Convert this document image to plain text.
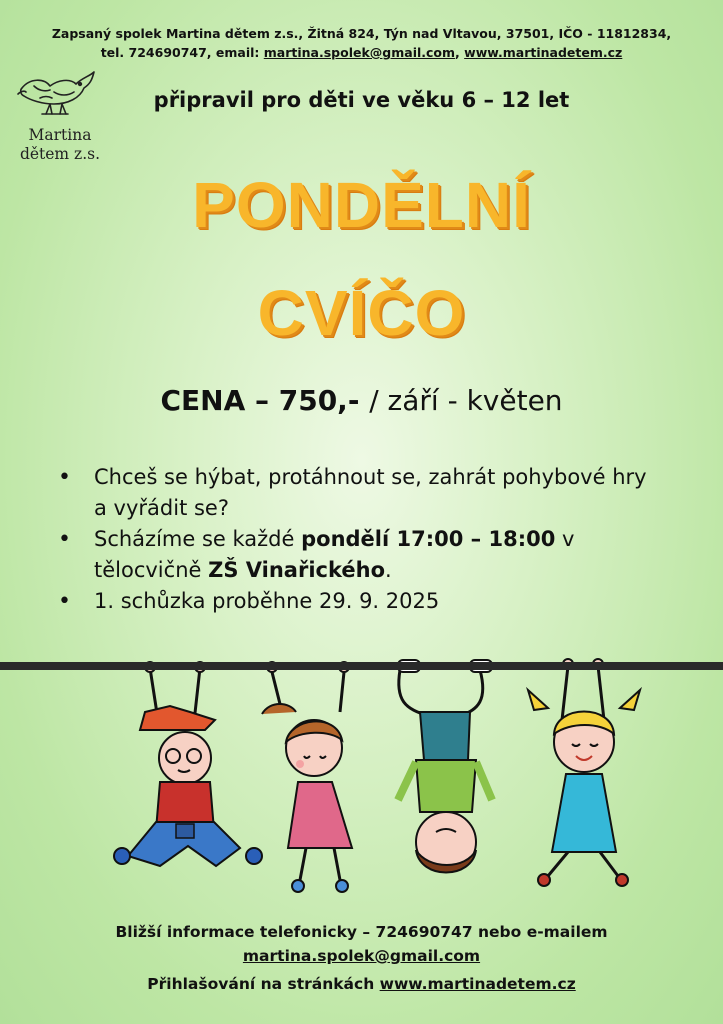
Zapsaný spolek Martina dětem z.s., Žitná 824, Týn nad Vltavou, 37501, IČO - 11812834,
tel. 724690747, email: martina.spolek@gmail.com, www.martinadetem.cz
Martina
dětem z.s.
připravil pro děti ve věku 6 – 12 let
PONDĚLNÍ
CVÍČO
CENA – 750,- / září - květen
• Chceš se hýbat, protáhnout se, zahrát pohybové hry a vyřádit se?
• Scházíme se každé pondělí 17:00 – 18:00 v tělocvičně ZŠ Vinařického.
• 1. schůzka proběhne 29. 9. 2025
Bližší informace telefonicky – 724690747 nebo e-mailem
martina.spolek@gmail.com
Přihlašování na stránkách www.martinadetem.cz
